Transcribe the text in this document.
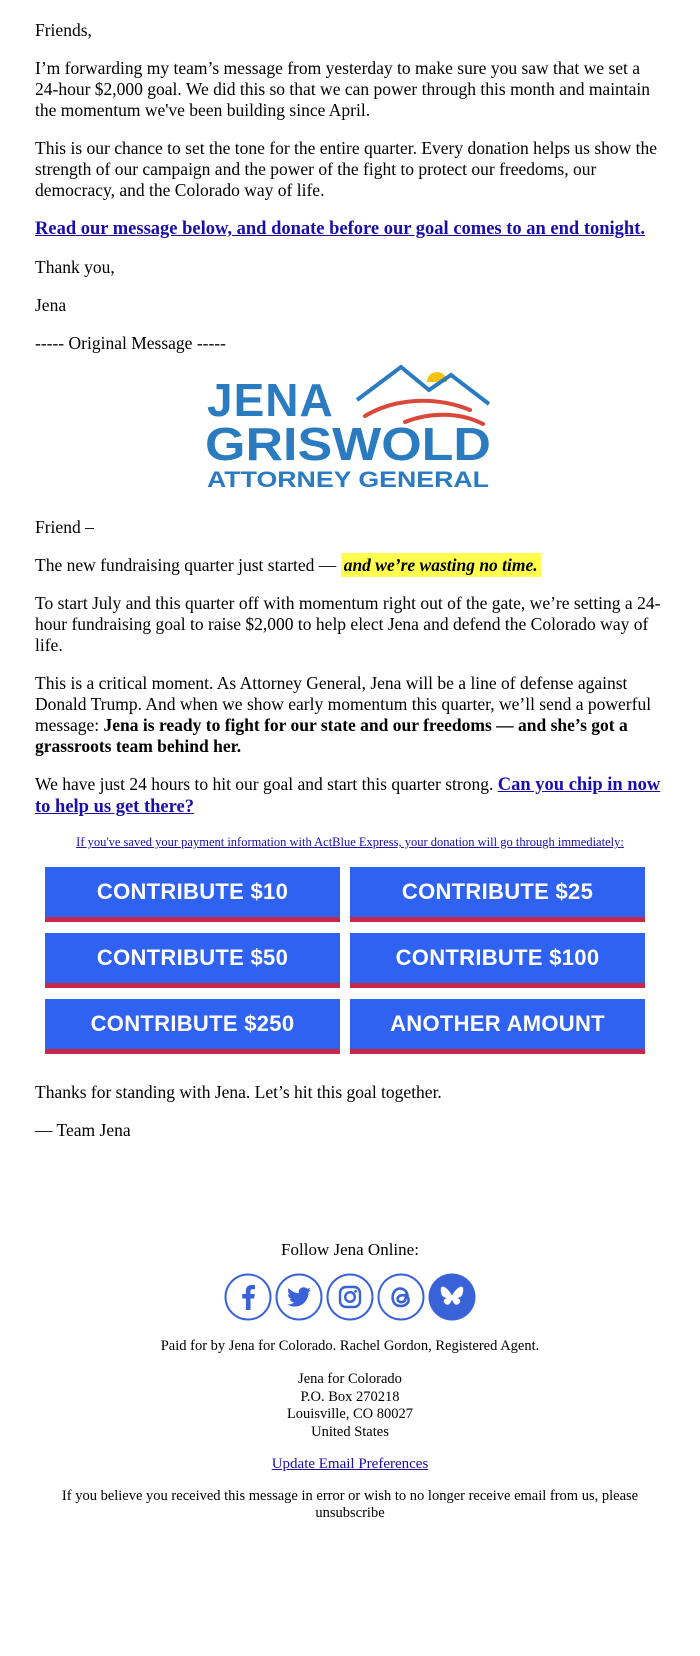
Friends,

I’m forwarding my team’s message from yesterday to make sure you saw that we set a 24-hour $2,000 goal. We did this so that we can power through this month and maintain the momentum we've been building since April.

This is our chance to set the tone for the entire quarter. Every donation helps us show the strength of our campaign and the power of the fight to protect our freedoms, our democracy, and the Colorado way of life.

Read our message below, and donate before our goal comes to an end tonight.

Thank you,

Jena

----- Original Message -----

JENA
GRISWOLD
ATTORNEY GENERAL

Friend –

The new fundraising quarter just started — and we’re wasting no time.

To start July and this quarter off with momentum right out of the gate, we’re setting a 24-hour fundraising goal to raise $2,000 to help elect Jena and defend the Colorado way of life.

This is a critical moment. As Attorney General, Jena will be a line of defense against Donald Trump. And when we show early momentum this quarter, we’ll send a powerful message: Jena is ready to fight for our state and our freedoms — and she’s got a grassroots team behind her.

We have just 24 hours to hit our goal and start this quarter strong. Can you chip in now to help us get there?

If you've saved your payment information with ActBlue Express, your donation will go through immediately:

CONTRIBUTE $10	CONTRIBUTE $25
CONTRIBUTE $50	CONTRIBUTE $100
CONTRIBUTE $250	ANOTHER AMOUNT

Thanks for standing with Jena. Let’s hit this goal together.

— Team Jena

Follow Jena Online:
Paid for by Jena for Colorado. Rachel Gordon, Registered Agent.
Jena for Colorado
P.O. Box 270218
Louisville, CO 80027
United States
Update Email Preferences
If you believe you received this message in error or wish to no longer receive email from us, please unsubscribe
